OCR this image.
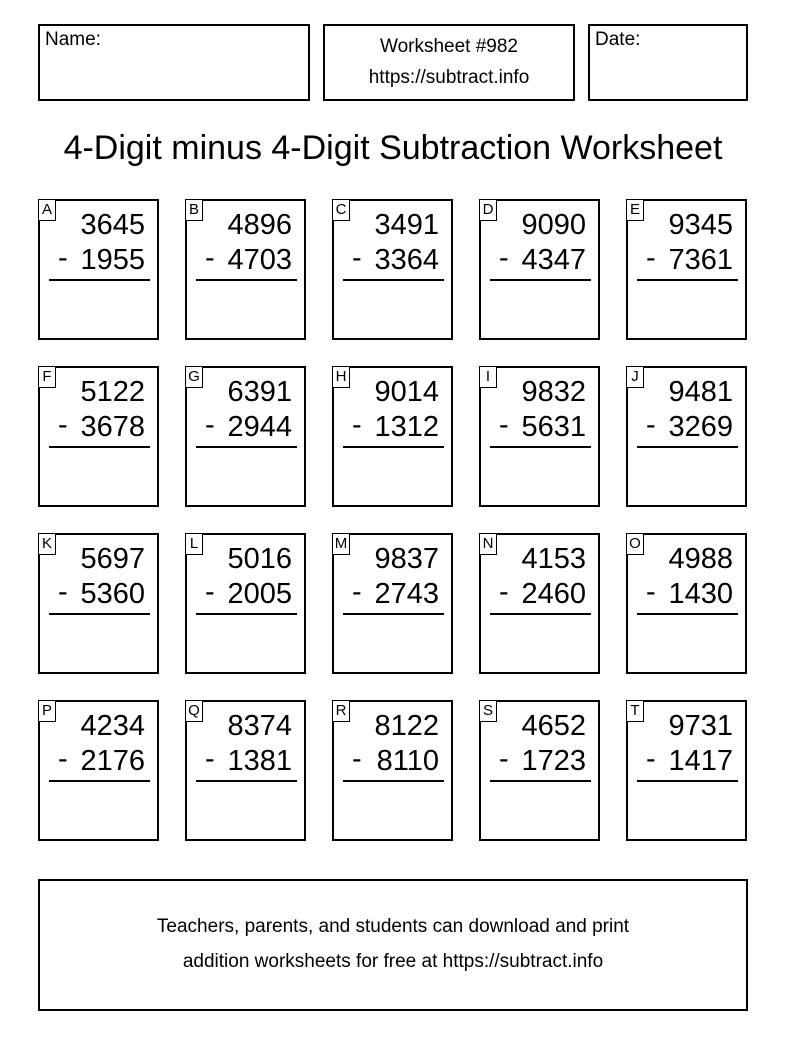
Name:	Worksheet #982
https://subtract.info
Date:
4-Digit minus 4-Digit Subtraction Worksheet
A 3645
- 1955
B 4896
- 4703
C 3491
- 3364
D 9090
- 4347
E 9345
- 7361
F 5122
- 3678
G 6391
- 2944
H 9014
- 1312
I 9832
- 5631
J 9481
- 3269
K 5697
- 5360
L 5016
- 2005
M 9837
- 2743
N 4153
- 2460
O 4988
- 1430
P 4234
- 2176
Q 8374
- 1381
R 8122
- 8110
S 4652
- 1723
T 9731
- 1417
Teachers, parents, and students can download and print
addition worksheets for free at https://subtract.info
